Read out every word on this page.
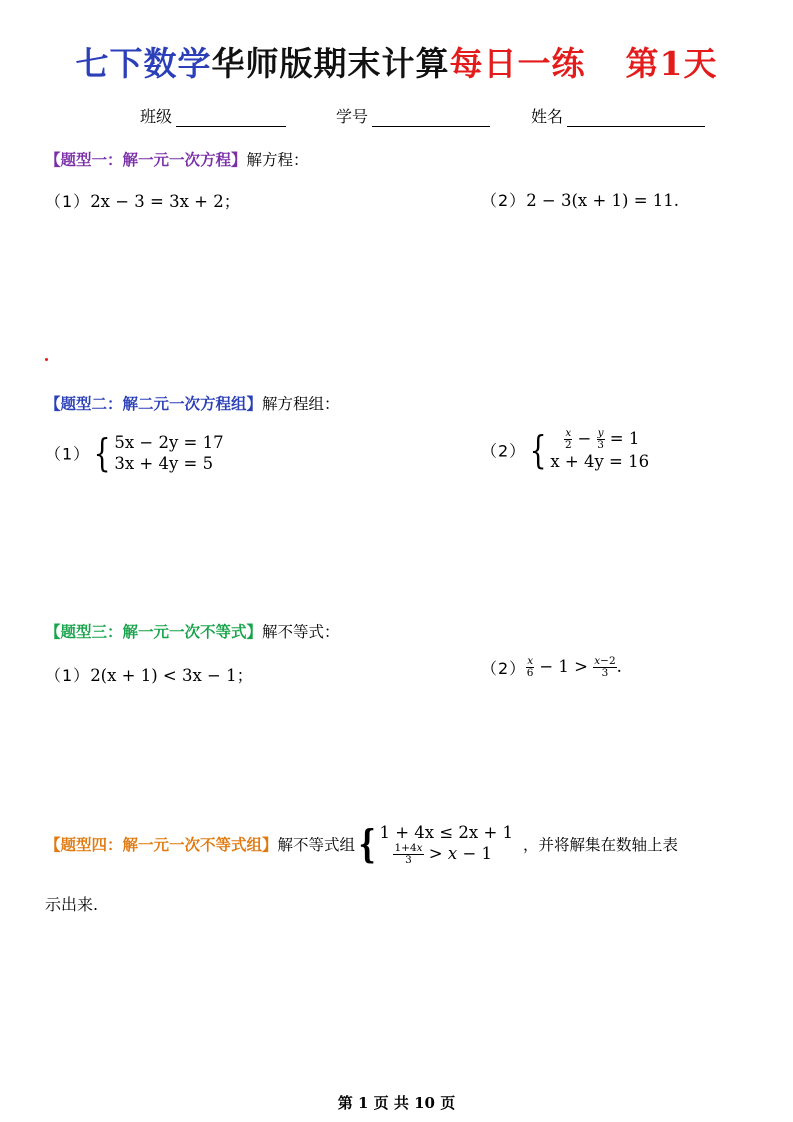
七下数学华师版期末计算每日一练 第1天
班级	学号	姓名
【题型一：解一元一次方程】解方程：
（1）2x − 3 = 3x + 2；	（2）2 − 3(x + 1) = 11.
【题型二：解二元一次方程组】解方程组：
（1）{ 5x − 2y = 17
3x + 4y = 5
$(2)\{ \frac{x}{2} - \frac{y}{3} = 1$
x + 4y = 16
【题型三：解一元一次不等式】解不等式：
（1）2(x + 1) < 3x − 1；	$(2) \frac{x}{6} - 1 > \frac{x-2}{3}$ .
【题型四：解一元一次不等式组】解不等式组{ 1 + 4x ≤ 2x + 1
$\frac{1+4x}{3} > x - 1$	，并将解集在数轴上表
示出来.
第 1 页 共 10 页
